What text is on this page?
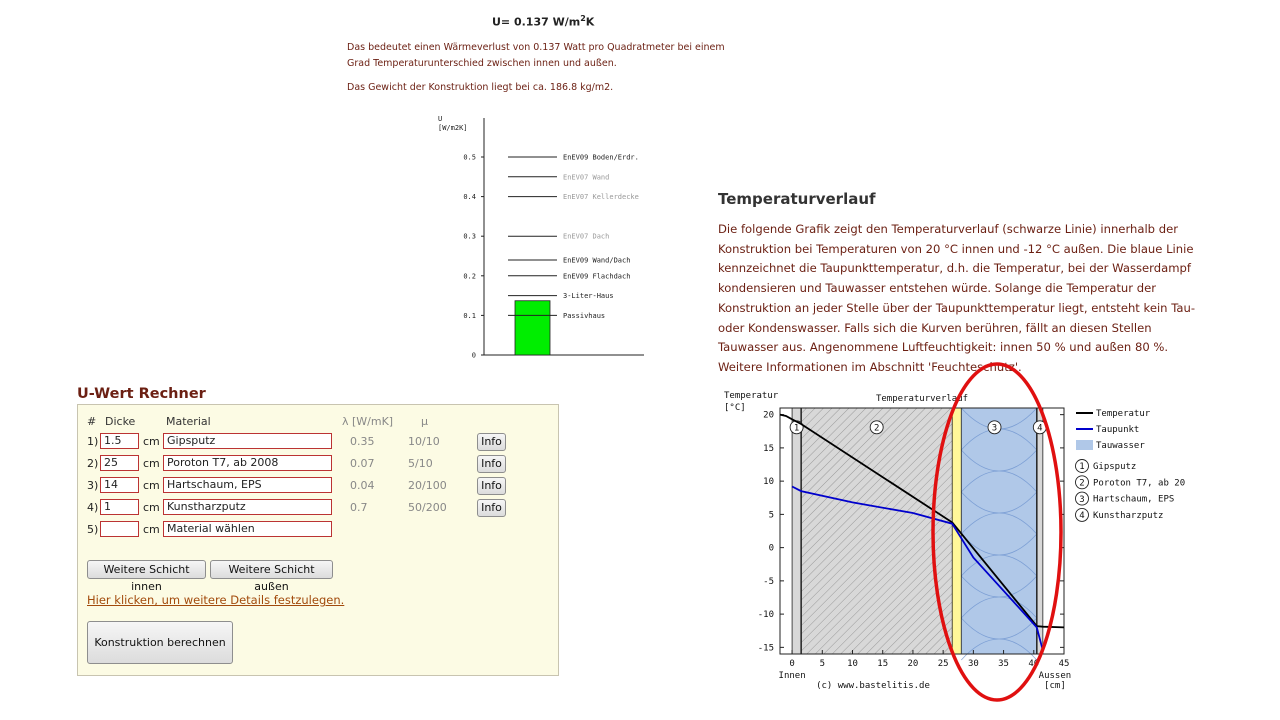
U= 0.137 $W/m^2K$
Das bedeutet einen Wärmeverlust von 0.137 Watt pro Quadratmeter bei einem
Grad Temperaturunterschied zwischen innen und außen.
Das Gewicht der Konstruktion liegt bei ca. 186.8 kg/m2.
U
[W/m2K]
0
0.1
0.2
0.3
0.4
0.5	EnEV09 Boden/Erdr.
EnEV07 Wand
EnEV07 Kellerdecke
EnEV07 Dach
EnEV09 Wand/Dach
EnEV09 Flachdach
3-Liter-Haus
Passivhaus
U-Wert Rechner
# Dicke	Material	λ [W/mK]	μ
1) 1.5	cm Gipsputz	0.35	10/10	Info
2) 25	cm Poroton T7, ab 2008	0.07	5/10	Info
3) 14	cm Hartschaum, EPS	0.04	20/100	Info
4) 1	cm Kunstharzputz	0.7	50/200	Info
5)	cm Material wählen
Weitere Schicht innen
Weitere Schicht außen
Hier klicken, um weitere Details festzulegen.
Konstruktion berechnen
Temperaturverlauf

Die folgende Grafik zeigt den Temperaturverlauf (schwarze Linie) innerhalb der

Konstruktion bei Temperaturen von 20 °C innen und -12 °C außen. Die blaue Linie

kennzeichnet die Taupunkttemperatur, d.h. die Temperatur, bei der Wasserdampf

kondensieren und Tauwasser entstehen würde. Solange die Temperatur der

Konstruktion an jeder Stelle über der Taupunkttemperatur liegt, entsteht kein Tau-

oder Kondenswasser. Falls sich die Kurven berühren, fällt an diesen Stellen

Tauwasser aus. Angenommene Luftfeuchtigkeit: innen 50 % und außen 80 %.

Weitere Informationen im Abschnitt 'Feuchteschutz'.

Temperatur
[°C]
Temperaturverlauf
20
15
10
5
0
-5
-10
-15
0	5 10 15 20 25 30 35 40 45
Innen	Aussen
[cm]
(c) www.bastelitis.de
1	2	3	4
Temperatur
Taupunkt
Tauwasser
1 Gipsputz
2 Poroton T7, ab 20
3 Hartschaum, EPS
4 Kunstharzputz
